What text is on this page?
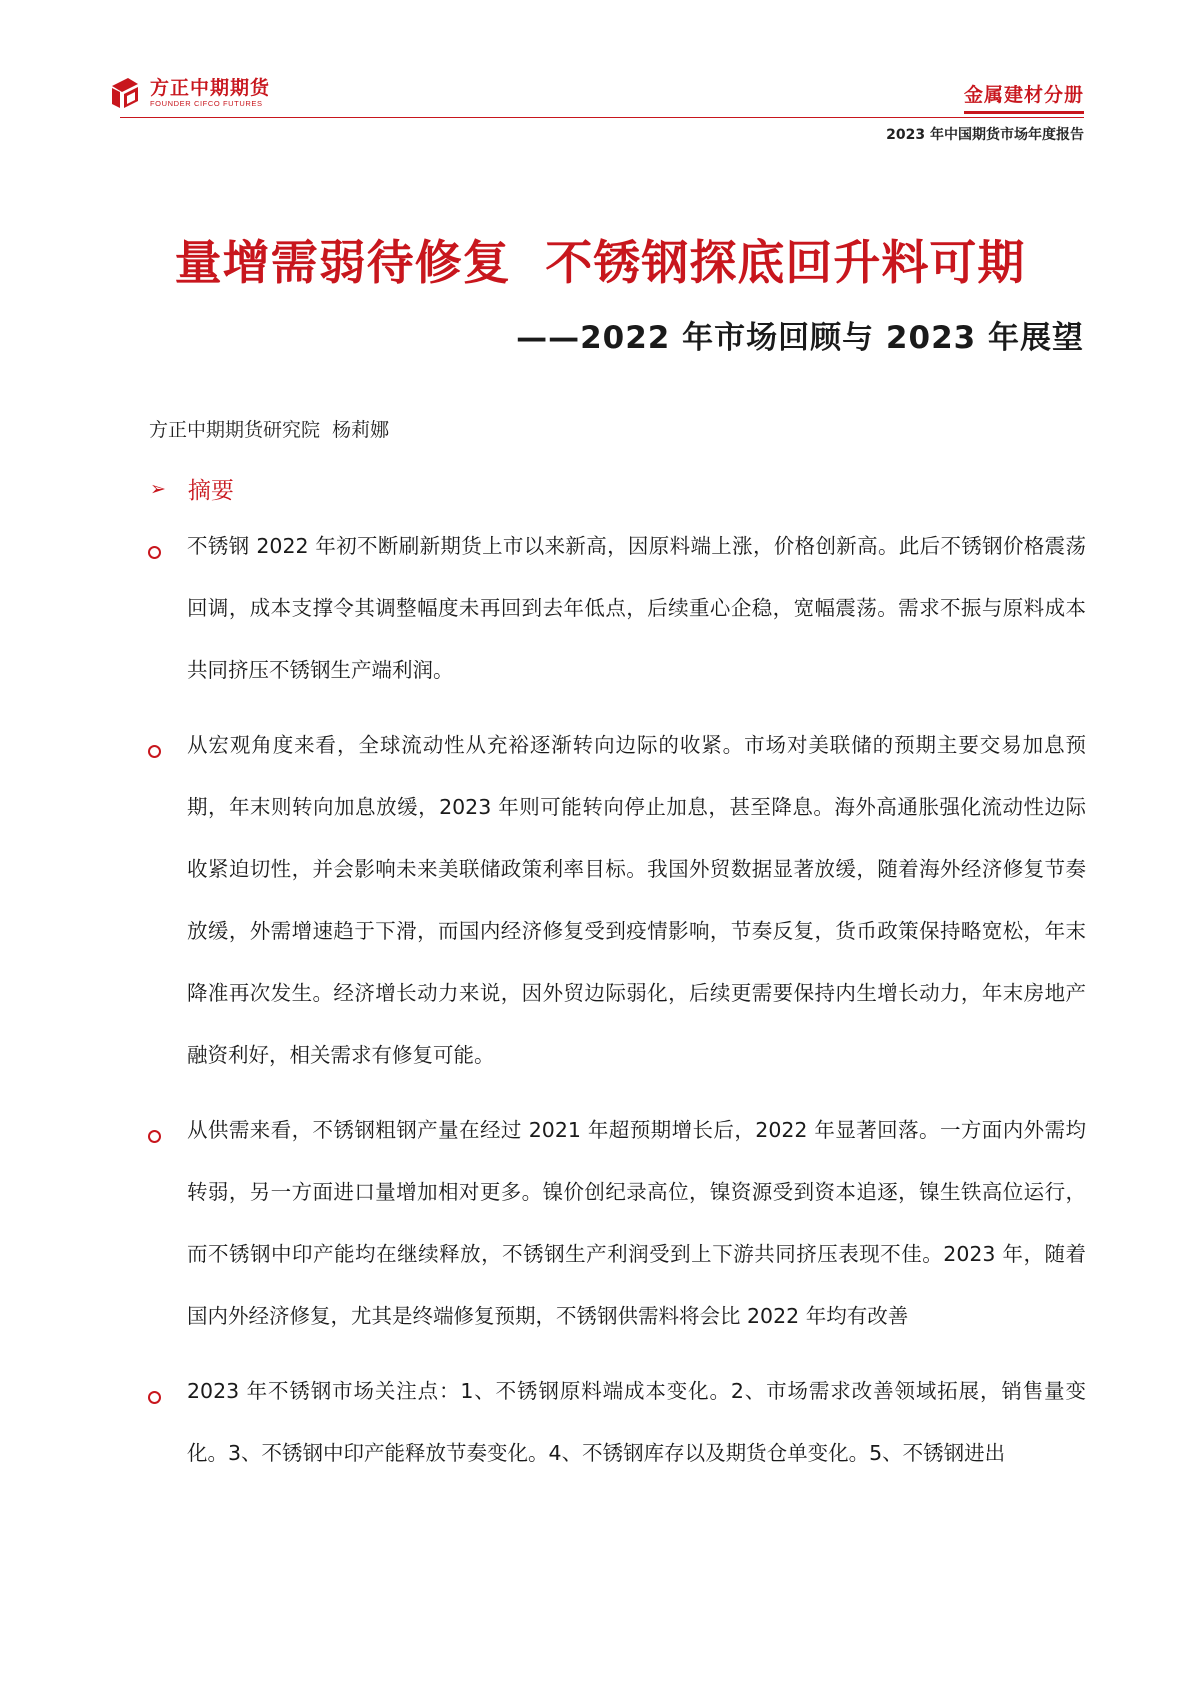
方正中期期货
FOUNDER CIFCO FUTURES	金属建材分册
2023 年中国期货市场年度报告
量增需弱待修复  不锈钢探底回升料可期
——2022 年市场回顾与 2023 年展望
方正中期期货研究院  杨莉娜
➢ 摘要
不锈钢 2022 年初不断刷新期货上市以来新高，因原料端上涨，价格创新高。此后不锈钢价格震荡回调，成本支撑令其调整幅度未再回到去年低点，后续重心企稳，宽幅震荡。需求不振与原料成本共同挤压不锈钢生产端利润。
从宏观角度来看，全球流动性从充裕逐渐转向边际的收紧。市场对美联储的预期主要交易加息预期，年末则转向加息放缓，2023 年则可能转向停止加息，甚至降息。海外高通胀强化流动性边际收紧迫切性，并会影响未来美联储政策利率目标。我国外贸数据显著放缓，随着海外经济修复节奏放缓，外需增速趋于下滑，而国内经济修复受到疫情影响，节奏反复，货币政策保持略宽松，年末降准再次发生。经济增长动力来说，因外贸边际弱化，后续更需要保持内生增长动力，年末房地产融资利好，相关需求有修复可能。
从供需来看，不锈钢粗钢产量在经过 2021 年超预期增长后，2022 年显著回落。一方面内外需均转弱，另一方面进口量增加相对更多。镍价创纪录高位，镍资源受到资本追逐，镍生铁高位运行，而不锈钢中印产能均在继续释放，不锈钢生产利润受到上下游共同挤压表现不佳。2023 年，随着国内外经济修复，尤其是终端修复预期，不锈钢供需料将会比 2022 年均有改善
2023 年不锈钢市场关注点：1、不锈钢原料端成本变化。2、市场需求改善领域拓展，销售量变化。3、不锈钢中印产能释放节奏变化。4、不锈钢库存以及期货仓单变化。5、不锈钢进出
